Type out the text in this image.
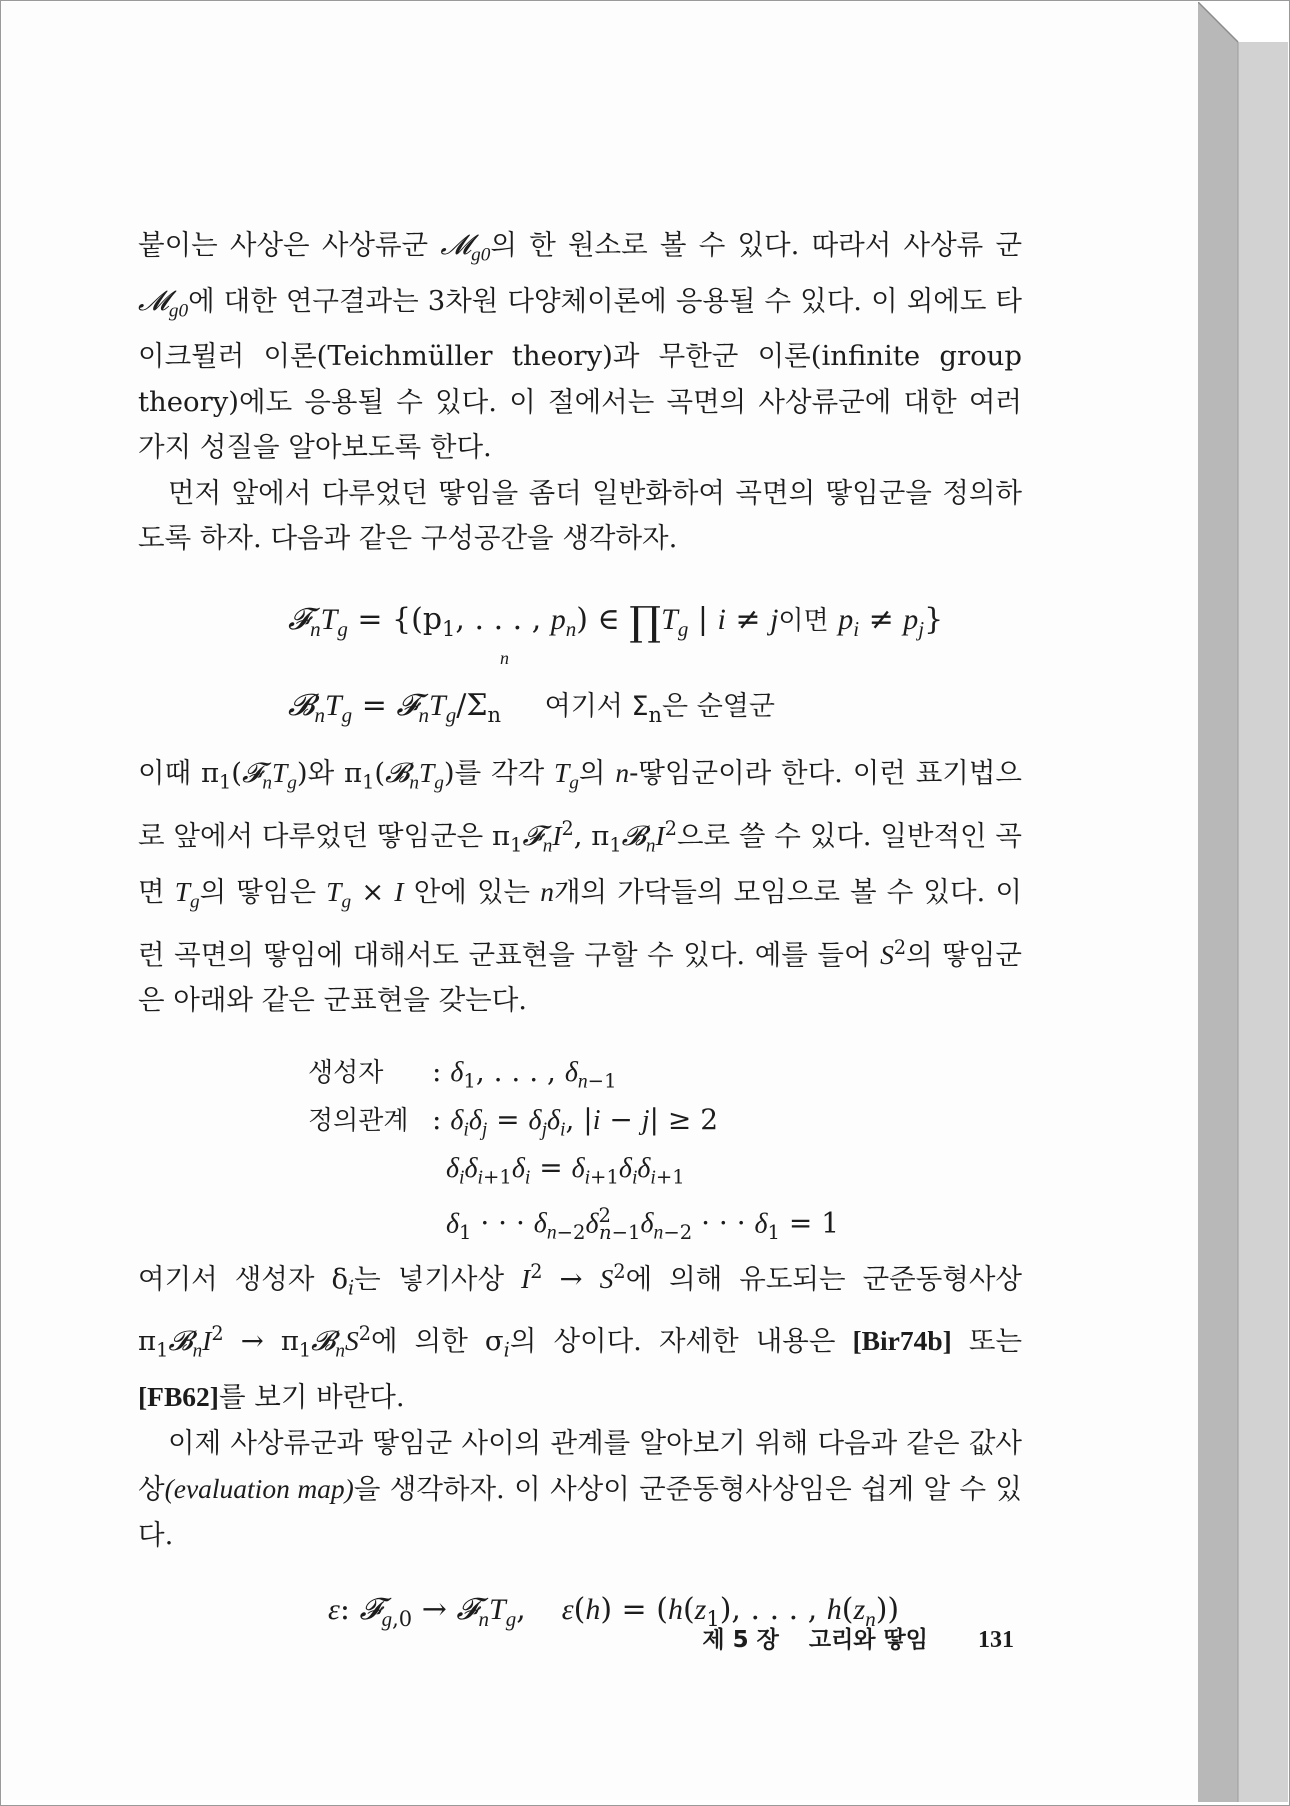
붙이는 사상은 사상류군 𝓜$_{g0}$의 한 원소로 볼 수 있다. 따라서 사상류 군 𝓜$_{g0}$에 대한 연구결과는 3차원 다양체이론에 응용될 수 있다. 이 외에도 타이크뮐러 이론(Teichmüller theory)과 무한군 이론(infinite group theory)에도 응용될 수 있다. 이 절에서는 곡면의 사상류군에 대한 여러 가지 성질을 알아보도록 한다.

먼저 앞에서 다루었던 땋임을 좀더 일반화하여 곡면의 땋임군을 정의하도록 하자. 다음과 같은 구성공간을 생각하자.

$𝓕_nT_g = \{(p_1$, . . . , $p_n$) ∈ $\prod T_g$ | i ≠ j이면 $p_i \ne p_j$}
n
$𝓑_nT_g$ = $𝓕_nT_g/\Sigma_n$ 여기서 $\Sigma_n$은 순열군

이때 $\pi_1(𝓕_nT_g)$와 $\pi_1(𝓑_nT_g)$를 각각 $T_g$의 n-땋임군이라 한다. 이런 표기법으로 앞에서 다루었던 땋임군은 $\pi_1𝓕_nI^2$, $\pi_1𝓑_nI^2$으로 쓸 수 있다. 일반적인 곡면 $T_g$의 땋임은 $T_g \times I$ 안에 있는 n개의 가닥들의 모임으로 볼 수 있다. 이런 곡면의 땋임에 대해서도 군표현을 구할 수 있다. 예를 들어 $S^2$의 땋임군은 아래와 같은 군표현을 갖는다.

생성자 : $\delta_1$, . . . , $\delta_{n-1}$
정의관계 : $\delta_i\delta_j = \delta_j\delta_i$, |i − j| ≥ 2
$\delta_i\delta_{i+1}\delta_i = \delta_{i+1}\delta_i\delta_{i+1}$
$\delta_1$ · · · $\delta_{n-2}\delta^2_{n-1}\delta_{n-2}$ · · · $\delta_1 = 1$

여기서 생성자 $\delta_i$는 넣기사상 $I^2 \to S^2$에 의해 유도되는 군준동형사상 $\pi_1𝓑_nI^2$ → $\pi_1𝓑_nS^2$에 의한 $\sigma_i$의 상이다. 자세한 내용은 [Bir74b] 또는 [FB62]를 보기 바란다.

이제 사상류군과 땋임군 사이의 관계를 알아보기 위해 다음과 같은 값사상(evaluation map)을 생각하자. 이 사상이 군준동형사상임은 쉽게 알 수 있다.

ε: 𝓕$_{g,0}$ → $𝓕_nT_g$, $\varepsilon(h) = (h(z_1)$, . . . , $h(z_n)$)
제 5 장 고리와 땋임 131
